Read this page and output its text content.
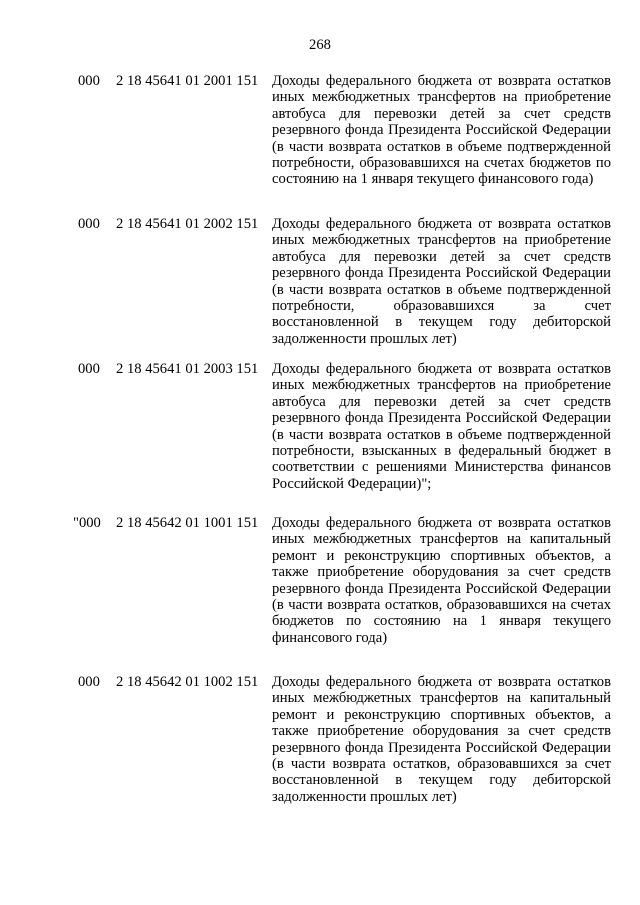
268
000	2 18 45641 01 2001 151 Доходы федерального бюджета от возврата остатков иных межбюджетных трансфертов на приобретение автобуса для перевозки детей за счет средств резервного фонда Президента Российской Федерации (в части возврата остатков в объеме подтвержденной потребности, образовавшихся на счетах бюджетов по состоянию на 1 января текущего финансового года)
000	2 18 45641 01 2002 151 Доходы федерального бюджета от возврата остатков иных межбюджетных трансфертов на приобретение автобуса для перевозки детей за счет средств резервного фонда Президента Российской Федерации (в части возврата остатков в объеме подтвержденной потребности, образовавшихся за счет восстановленной в текущем году дебиторской задолженности прошлых лет)
000	2 18 45641 01 2003 151 Доходы федерального бюджета от возврата остатков иных межбюджетных трансфертов на приобретение автобуса для перевозки детей за счет средств резервного фонда Президента Российской Федерации (в части возврата остатков в объеме подтвержденной потребности, взысканных в федеральный бюджет в соответствии с решениями Министерства финансов Российской Федерации)";
"000 2 18 45642 01 1001 151 Доходы федерального бюджета от возврата остатков иных межбюджетных трансфертов на капитальный ремонт и реконструкцию спортивных объектов, а также приобретение оборудования за счет средств резервного фонда Президента Российской Федерации (в части возврата остатков, образовавшихся на счетах бюджетов по состоянию на 1 января текущего финансового года)
000	2 18 45642 01 1002 151 Доходы федерального бюджета от возврата остатков иных межбюджетных трансфертов на капитальный ремонт и реконструкцию спортивных объектов, а также приобретение оборудования за счет средств резервного фонда Президента Российской Федерации (в части возврата остатков, образовавшихся за счет восстановленной в текущем году дебиторской задолженности прошлых лет)
